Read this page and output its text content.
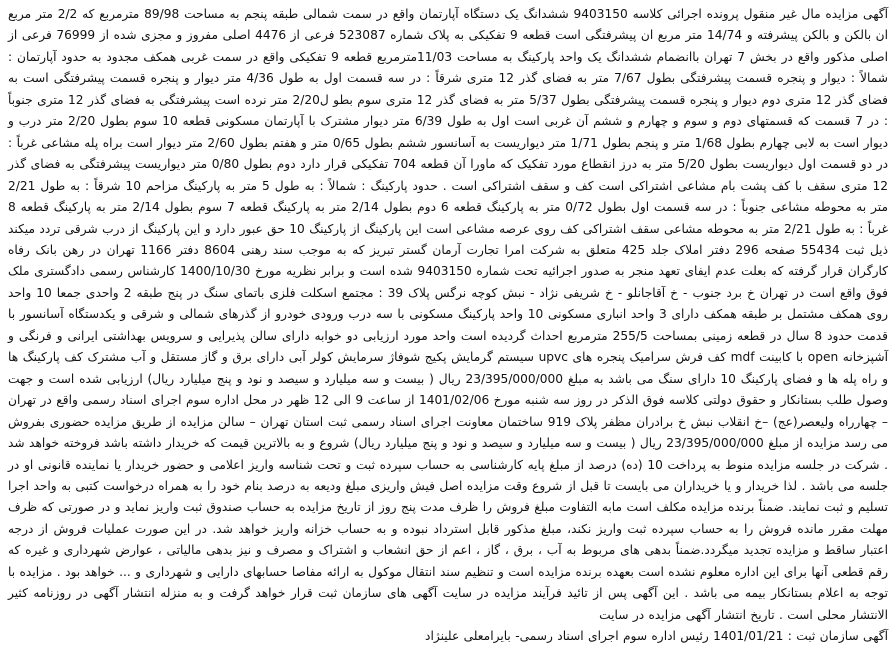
آگهی مزایده مال غیر منقول پرونده اجرائی کلاسه 9403150 ششدانگ یک دستگاه آپارتمان واقع در سمت شمالی طبقه پنجم به مساحت 89/98 مترمربع که 2/2 متر مربع ان بالکن و بالکن پیشرفته و 14/74 متر مربع ان پیشرفتگی است قطعه 9 تفکیکی به پلاک شماره 523087 فرعی از 4476 اصلی مفروز و مجزی شده از 76999 فرعی از اصلی مذکور واقع در بخش 7 تهران باانضمام ششدانگ یک واحد پارکینگ به مساحت 11/03مترمربع قطعه 9 تفکیکی واقع در سمت غربی همکف مجدود به حدود آپارتمان : شمالاً : دیوار و پنجره قسمت پیشرفتگی بطول 7/67 متر به فضای گذر 12 متری شرقاً : در سه قسمت اول به طول 4/36 متر دیوار و پنجره قسمت پیشرفتگی است به فضای گذر 12 متری دوم دیوار و پنجره قسمت پیشرفتگی بطول 5/37 متر به فضای گذر 12 متری سوم بطو ل2/20 متر نرده است پیشرفتگی به فضای گذر 12 متری جنوباً : در 7 قسمت که قسمتهای دوم و سوم و چهارم و ششم آن غربی است اول به طول 6/39 متر دیوار مشترک با آپارتمان مسکونی قطعه 10 سوم بطول 2/20 متر درب و دیوار است به لابی چهارم بطول 1/68 متر و پنجم بطول 1/71 متر دیواریست به آسانسور ششم بطول 0/65 متر و هفتم بطول 2/60 متر دیوار است براه پله مشاعی غرباً : در دو قسمت اول دیواریست بطول 5/20 متر به درز انقطاع مورد تفکیک که ماورا آن قطعه 704 تفکیکی قرار دارد دوم بطول 0/80 متر دیواریست پیشرفتگی به فضای گذر 12 متری سقف با کف پشت بام مشاعی اشتراکی است کف و سقف اشتراکی است . حدود پارکینگ : شمالاً : به طول 5 متر به پارکینگ مزاحم 10 شرقاً : به طول 2/21 متر به محوطه مشاعی جنوباً : در سه قسمت اول بطول 0/72 متر به پارکینگ قطعه 6 دوم بطول 2/14 متر به پارکینگ قطعه 7 سوم بطول 2/14 متر به پارکینگ قطعه 8 غرباً : به طول 2/21 متر به محوطه مشاعی سقف اشتراکی کف روی عرصه مشاعی است این پارکینگ از پارکینگ 10 حق عبور دارد و این پارکینگ از درب شرقی تردد میکند ذیل ثبت 55434 صفحه 296 دفتر املاک جلد 425 متعلق به شرکت امرا تجارت آرمان گستر تبریز که به موجب سند رهنی 8604 دفتر 1166 تهران در رهن بانک رفاه کارگران قرار گرفته که بعلت عدم ایفای تعهد منجر به صدور اجرائیه تحت شماره 9403150 شده است و برابر نظریه مورخ 1400/10/30 کارشناس رسمی دادگستری ملک فوق واقع است در تهران خ برد جنوب - خ آقاجانلو - خ شریفی نژاد - نبش کوچه نرگس پلاک 39 : مجتمع اسکلت فلزی باتمای سنگ در پنج طبقه 2 واحدی جمعا 10 واحد روی همکف مشتمل بر طبقه همکف دارای 3 واحد انباری مسکونی 10 واحد پارکینگ مسکونی با سه درب ورودی خودرو از گذرهای شمالی و شرقی و یکدستگاه آسانسور با قدمت حدود 8 سال در قطعه زمینی بمساحت 255/5 مترمربع احداث گردیده است واحد مورد ارزیابی دو خوابه دارای سالن پذیرایی و سرویس بهداشتی ایرانی و فرنگی و آشپزخانه open با کابینت mdf کف فرش سرامیک پنجره های upvc سیستم گرمایش پکیج شوفاژ سرمایش کولر آبی دارای برق و گاز مستقل و آب مشترک کف پارکینگ ها و راه پله ها و فضای پارکینگ 10 دارای سنگ می باشد به مبلغ 23/395/000/000 ریال ( بیست و سه میلیارد و سیصد و نود و پنج میلیارد ریال) ارزیابی شده است و جهت وصول طلب بستانکار و حقوق دولتی کلاسه فوق الذکر در روز سه شنبه مورخ 1401/02/06 از ساعت 9 الی 12 ظهر در محل اداره سوم اجرای اسناد رسمی واقع در تهران – چهارراه ولیعصر(عج) –خ انقلاب نبش خ برادران مظفر پلاک 919 ساختمان معاونت اجرای اسناد رسمی ثبت استان تهران – سالن مزایده از طریق مزایده حضوری بفروش می رسد مزایده از مبلغ 23/395/000/000 ریال ( بیست و سه میلیارد و سیصد و نود و پنج میلیارد ریال) شروع و به بالاترین قیمت که خریدار داشته باشد فروخته خواهد شد . شرکت در جلسه مزایده منوط به پرداخت 10 (ده) درصد از مبلغ پایه کارشناسی به حساب سپرده ثبت و تحت شناسه واریز اعلامی و حضور خریدار یا نماینده قانونی او در جلسه می باشد . لذا خریدار و یا خریداران می بایست تا قبل از شروع وقت مزایده اصل فیش واریزی مبلغ ودیعه به درصد بنام خود را به همراه درخواست کتبی به واحد اجرا تسلیم و ثبت نمایند. ضمناً برنده مزایده مکلف است مابه التفاوت مبلغ فروش را ظرف مدت پنج روز از تاریخ مزایده به حساب صندوق ثبت واریز نماید و در صورتی که ظرف مهلت مقرر مانده فروش را به حساب سپرده ثبت واریز نکند، مبلغ مذکور قابل استرداد نبوده و به حساب خزانه واریز خواهد شد. در این صورت عملیات فروش از درجه اعتبار ساقط و مزایده تجدید میگردد.ضمناً بدهی های مربوط به آب ، برق ، گاز ، اعم از حق انشعاب و اشتراک و مصرف و نیز بدهی مالیاتی ، عوارض شهرداری و غیره که رقم قطعی آنها برای این اداره معلوم نشده است بعهده برنده مزایده است و تنظیم سند انتقال موکول به ارائه مفاصا حسابهای دارایی و شهرداری و ... خواهد بود . مزایده با توجه به اعلام بستانکار بیمه می باشد . این آگهی پس از تائید فرآیند مزایده در سایت آگهی های سازمان ثبت قرار خواهد گرفت و به منزله انتشار آگهی در روزنامه کثیر الانتشار محلی است . تاریخ انتشار آگهی مزایده در سایت
آگهی سازمان ثبت : 1401/01/21 رئیس اداره سوم اجرای اسناد رسمی- بایرامعلی علینژاد
